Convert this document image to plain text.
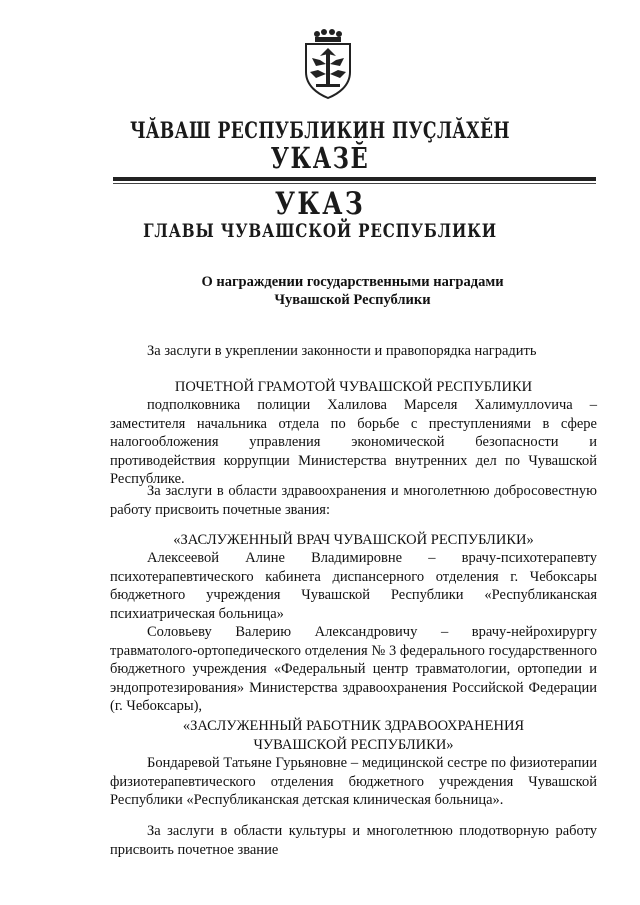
ЧĂВАШ РЕСПУБЛИКИН ПУҪЛĂХĔН
УКАЗĔ
УКАЗ
ГЛАВЫ ЧУВАШСКОЙ РЕСПУБЛИКИ
О награждении государственными наградами
Чувашской Республики
За заслуги в укреплении законности и правопорядка наградить
ПОЧЕТНОЙ ГРАМОТОЙ ЧУВАШСКОЙ РЕСПУБЛИКИ
подполковника полиции Халилова Марселя Халимуллovича – заместителя начальника отдела по борьбе с преступлениями в сфере налогообложения управления экономической безопасности и противодействия коррупции Министерства внутренних дел по Чувашской Республике.
За заслуги в области здравоохранения и многолетнюю добросовестную работу присвоить почетные звания:
«ЗАСЛУЖЕННЫЙ ВРАЧ ЧУВАШСКОЙ РЕСПУБЛИКИ»
Алексеевой Алине Владимировне – врачу-психотерапевту психотерапевтического кабинета диспансерного отделения г. Чебоксары бюджетного учреждения Чувашской Республики «Республиканская психиатрическая больница»
Соловьеву Валерию Александровичу – врачу-нейрохирургу травматолого-ортопедического отделения № 3 федерального государственного бюджетного учреждения «Федеральный центр травматологии, ортопедии и эндопротезирования» Министерства здравоохранения Российской Федерации (г. Чебоксары),
«ЗАСЛУЖЕННЫЙ РАБОТНИК ЗДРАВООХРАНЕНИЯ
ЧУВАШСКОЙ РЕСПУБЛИКИ»
Бондаревой Татьяне Гурьяновне – медицинской сестре по физиотерапии физиотерапевтического отделения бюджетного учреждения Чувашской Республики «Республиканская детская клиническая больница».
За заслуги в области культуры и многолетнюю плодотворную работу присвоить почетное звание
